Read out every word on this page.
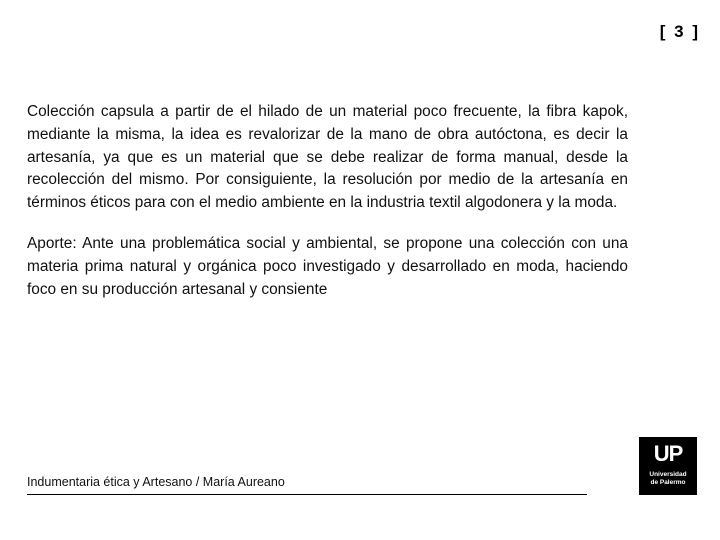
[ 3 ]

Colección capsula a partir de el hilado de un material poco frecuente, la fibra kapok, mediante la misma, la idea es revalorizar de la mano de obra autóctona, es decir la artesanía, ya que es un material que se debe realizar de forma manual, desde la recolección del mismo. Por consiguiente, la resolución por medio de la artesanía en términos éticos para con el medio ambiente en la industria textil algodonera y la moda.

Aporte: Ante una problemática social y ambiental, se propone una colección con una materia prima natural y orgánica poco investigado y desarrollado en moda, haciendo foco en su producción artesanal y consiente

Indumentaria ética y Artesano / María Aureano
UP
Universidad
de Palermo
